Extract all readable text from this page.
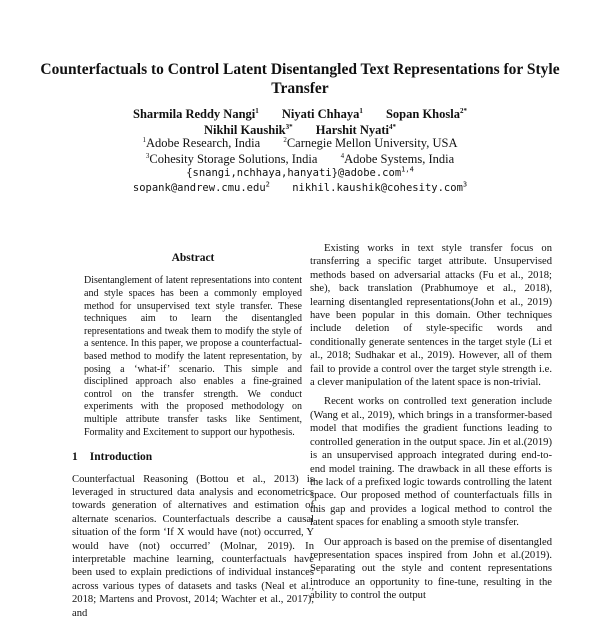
Counterfactuals to Control Latent Disentangled Text Representations for Style Transfer
Sharmila Reddy Nangi$^1$ Niyati Chhaya$^1$ Sopan Khosla$^{2*}$
Nikhil Kaushik$^{3*}$ Harshit Nyati$^{4*}$
$^1$Adobe Research, India	$^2$Carnegie Mellon University, USA
$^3$Cohesity Storage Solutions, India	$^4$Adobe Systems, India
{snangi,nchhaya,hanyati}@adobe.com$^{1,4}$
sopank@andrew.cmu.edu$^2$ nikhil.kaushik@cohesity.com$^3$
Abstract

Disentanglement of latent representations into content and style spaces has been a commonly employed method for unsupervised text style transfer. These techniques aim to learn the disentangled representations and tweak them to modify the style of a sentence. In this paper, we propose a counterfactual-based method to modify the latent representation, by posing a ‘what-if’ scenario. This simple and disciplined approach also enables a fine-grained control on the transfer strength. We conduct experiments with the proposed methodology on multiple attribute transfer tasks like Sentiment, Formality and Excitement to support our hypothesis.

1 Introduction

Counterfactual Reasoning (Bottou et al., 2013) is leveraged in structured data analysis and econometrics towards generation of alternatives and estimation of alternate scenarios. Counterfactuals describe a causal situation of the form ‘If X would have (not) occurred, Y would have (not) occurred’ (Molnar, 2019). In interpretable machine learning, counterfactuals have been used to explain predictions of individual instances across various types of datasets and tasks (Neal et al., 2018; Martens and Provost, 2014; Wachter et al., 2017), and

Existing works in text style transfer focus on transferring a specific target attribute. Unsupervised methods based on adversarial attacks (Fu et al., 2018; she), back translation (Prabhumoye et al., 2018), learning disentangled representations(John et al., 2019) have been popular in this domain. Other techniques include deletion of style-specific words and conditionally generate sentences in the target style (Li et al., 2018; Sudhakar et al., 2019). However, all of them fail to provide a control over the target style strength i.e. a clever manipulation of the latent space is non-trivial.

Recent works on controlled text generation include (Wang et al., 2019), which brings in a transformer-based model that modifies the gradient functions leading to controlled generation in the output space. Jin et al.(2019) is an unsupervised approach integrated during end-to-end model training. The drawback in all these efforts is the lack of a prefixed logic towards controlling the latent space. Our proposed method of counterfactuals fills in this gap and provides a logical method to control the latent spaces for enabling a smooth style transfer.

Our approach is based on the premise of disentangled representation spaces inspired from John et al.(2019). Separating out the style and content representations introduce an opportunity to fine-tune, resulting in the ability to control the output
